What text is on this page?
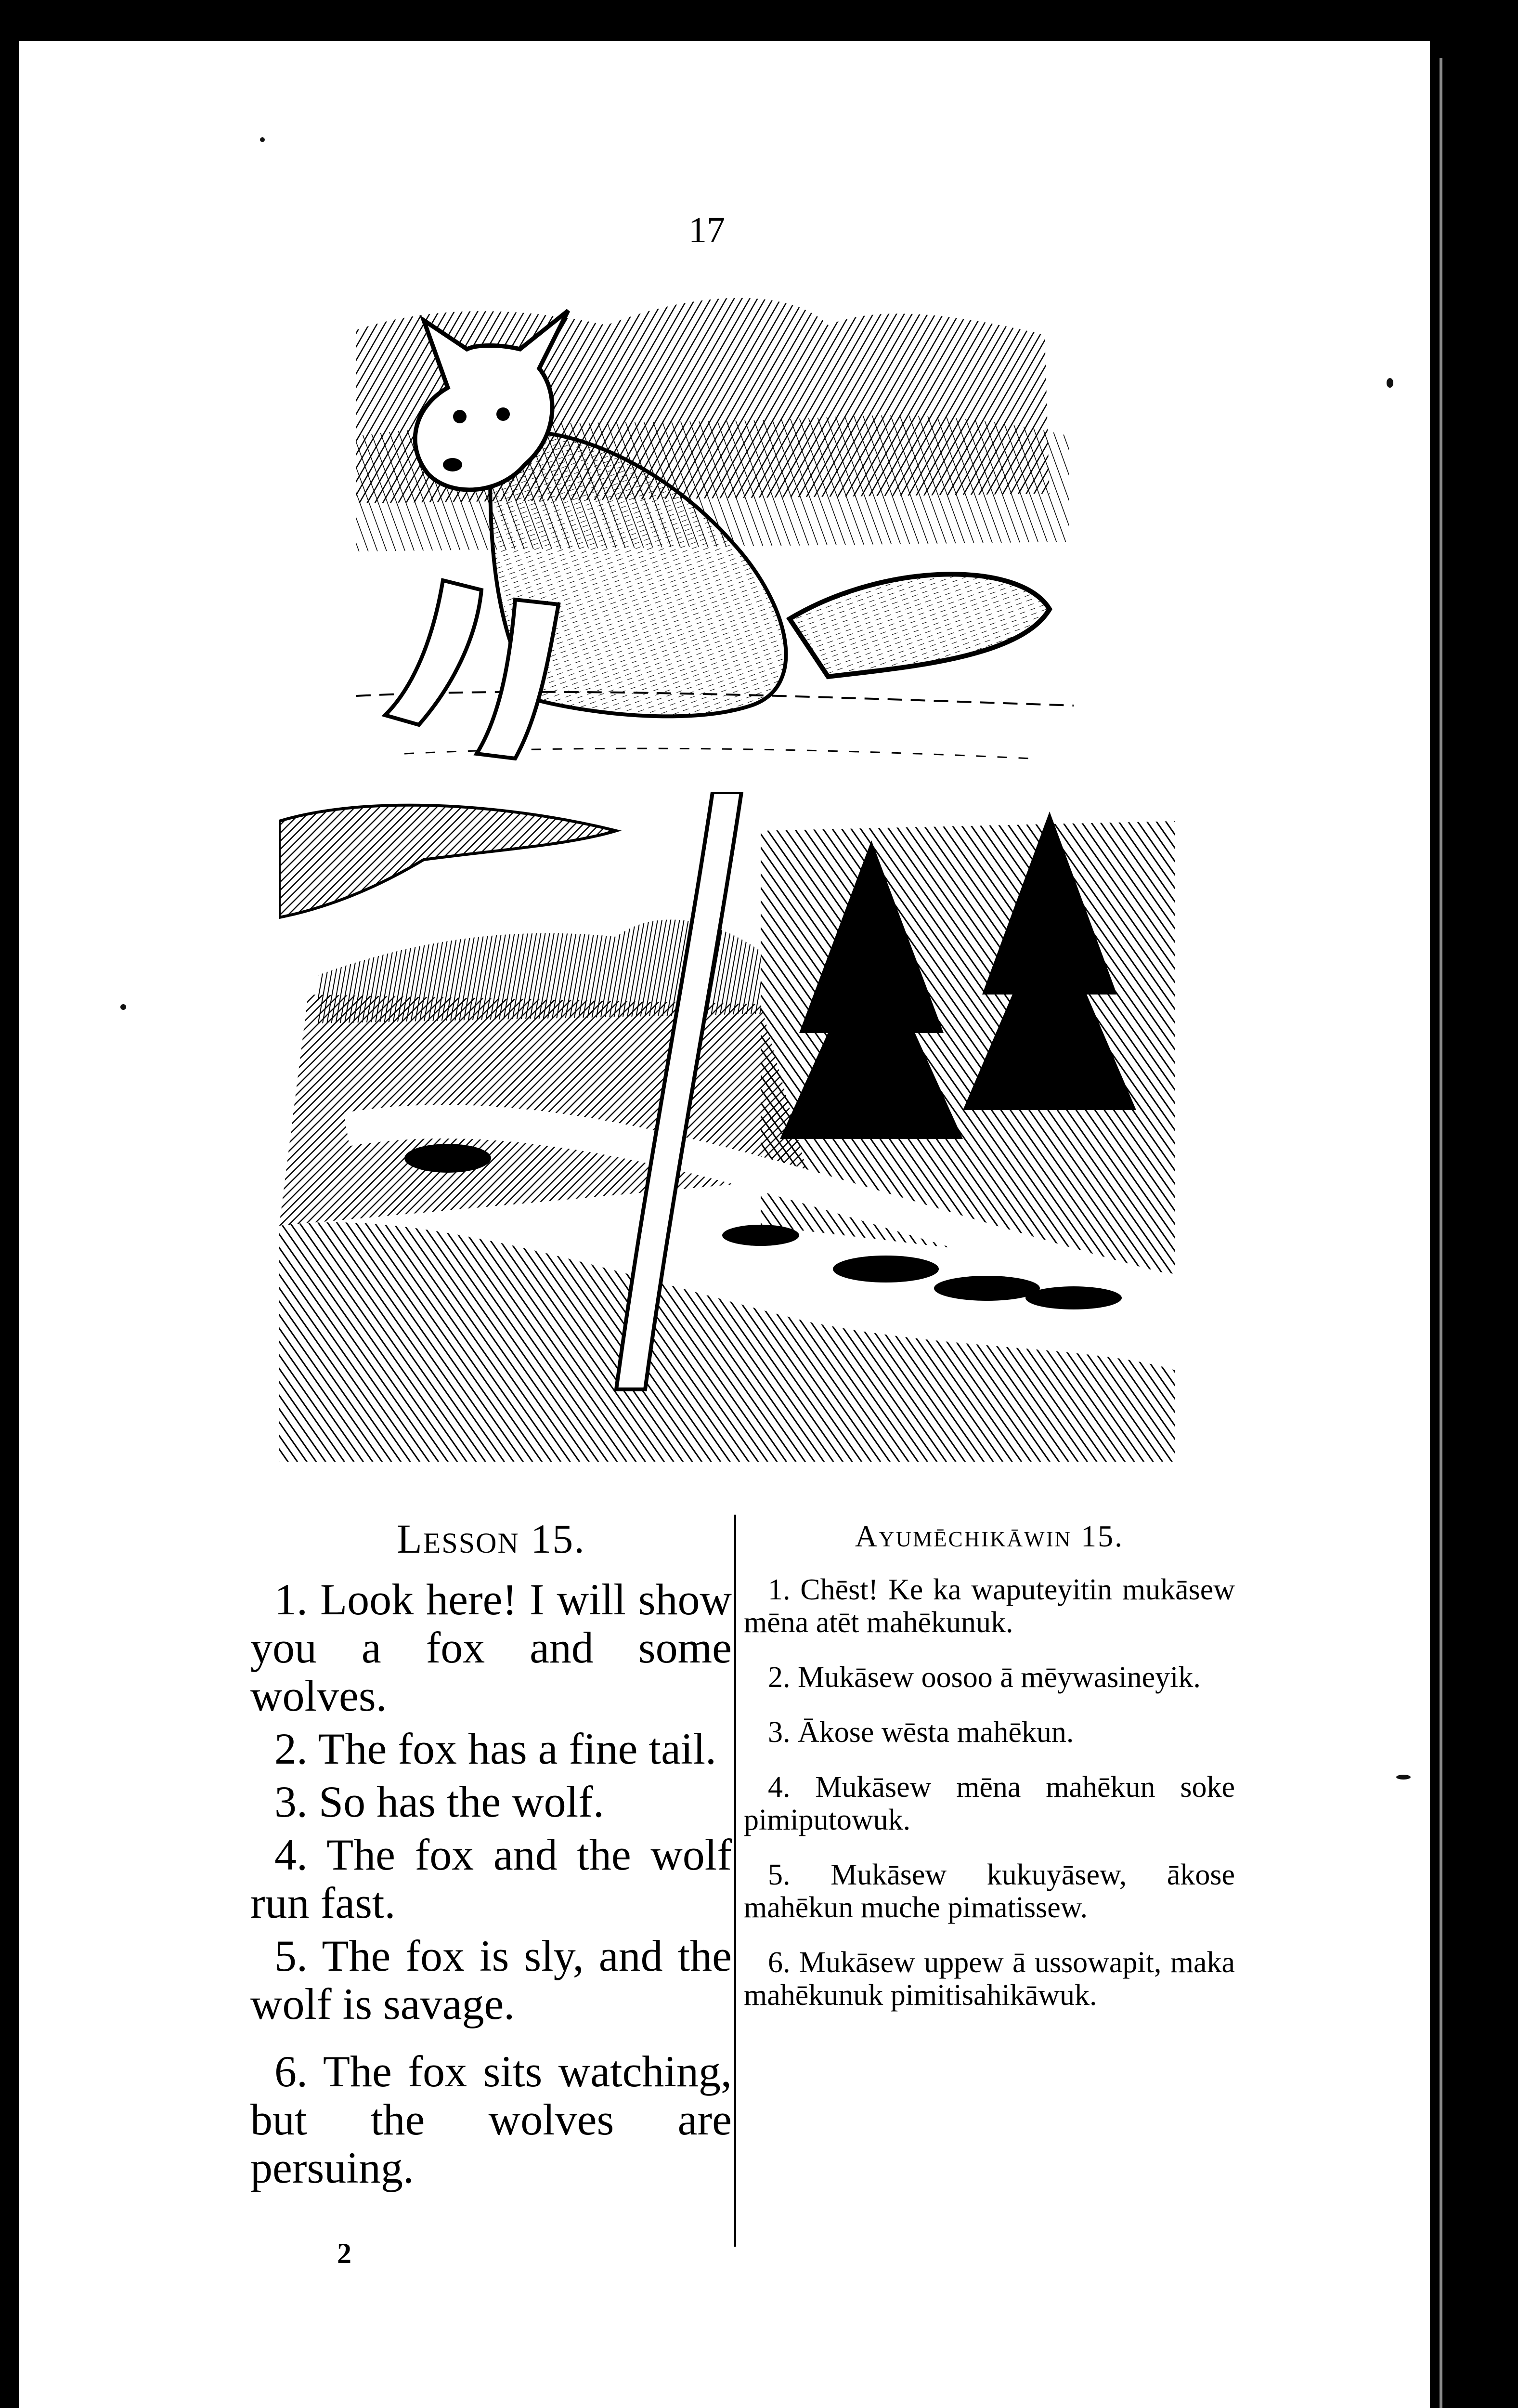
17
Lesson 15.

1. Look here! I will show you a fox and some wolves.

2. The fox has a fine tail.

3. So has the wolf.

4. The fox and the wolf run fast.

5. The fox is sly, and the wolf is savage.

6. The fox sits watching, but the wolves are persuing.

Ayumēchikāwin 15.

1. Chēst! Ke ka waputeyitin mukāsew mēna atēt mahēkunuk.

2. Mukāsew oosoo ā mēywasineyik.

3. Ākose wēsta mahēkun.

4. Mukāsew mēna mahēkun soke pimiputowuk.

5. Mukāsew kukuyāsew, ākose mahēkun muche pimatissew.

6. Mukāsew uppew ā ussowapit, maka mahēkunuk pimitisahikāwuk.

2
